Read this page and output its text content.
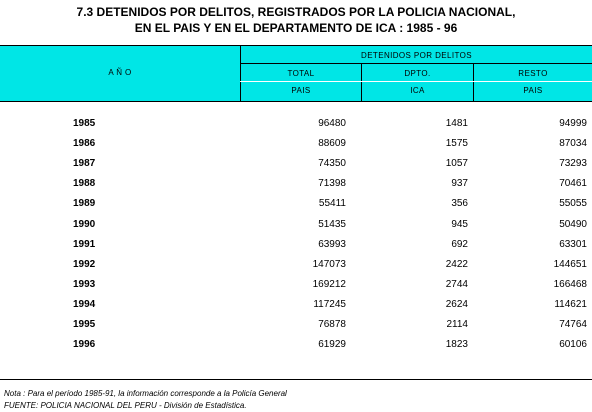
7.3 DETENIDOS POR DELITOS, REGISTRADOS POR LA POLICIA NACIONAL,
EN EL PAIS Y EN EL DEPARTAMENTO DE ICA : 1985 - 96
A Ñ O
DETENIDOS POR DELITOS
TOTAL
PAIS
DPTO.
ICA
RESTO
PAIS
1985	96480	1481	94999
1986	88609	1575	87034
1987	74350	1057	73293
1988	71398	937	70461
1989	55411	356	55055
1990	51435	945	50490
1991	63993	692	63301
1992	147073	2422	144651
1993	169212	2744	166468
1994	117245	2624	114621
1995	76878	2114	74764
1996	61929	1823	60106
Nota : Para el período 1985-91, la información corresponde a la Policía General
FUENTE: POLICIA NACIONAL DEL PERU - División de Estadística.
